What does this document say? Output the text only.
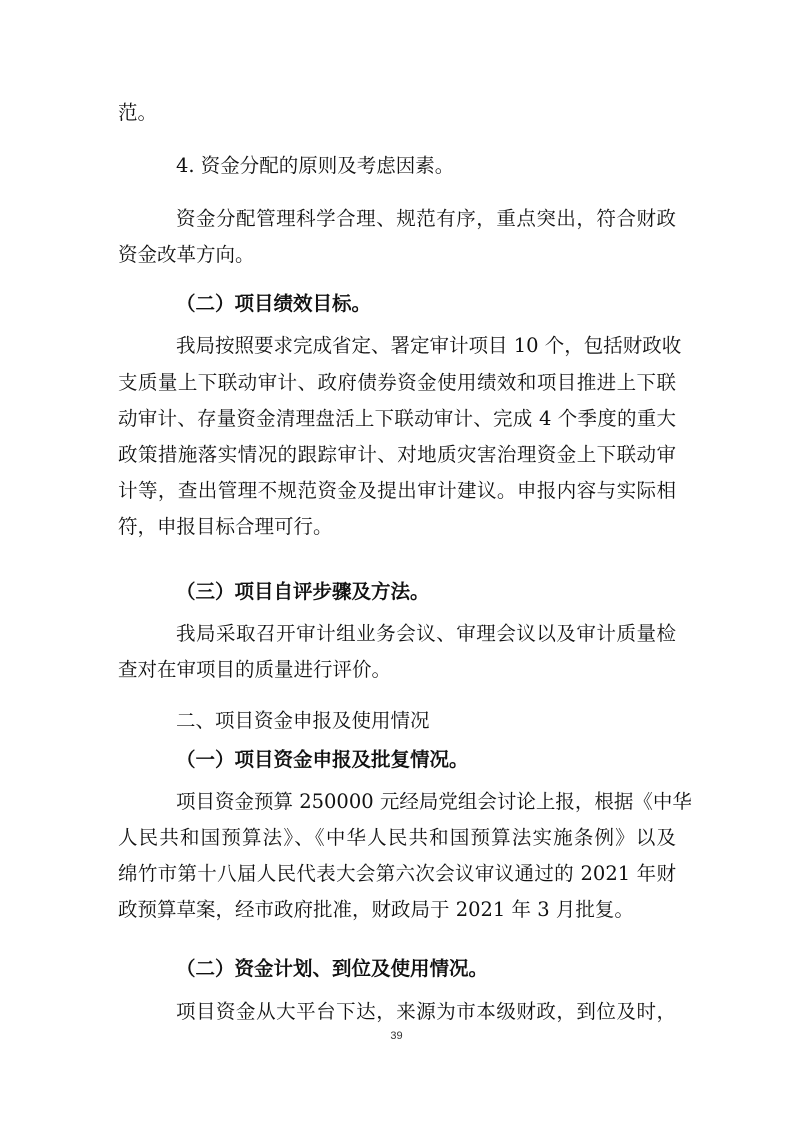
范。
4. 资金分配的原则及考虑因素。
资金分配管理科学合理、规范有序，重点突出，符合财政
资金改革方向。
（二）项目绩效目标。
我局按照要求完成省定、署定审计项目 10 个，包括财政收
支质量上下联动审计、政府债券资金使用绩效和项目推进上下联
动审计、存量资金清理盘活上下联动审计、完成 4 个季度的重大
政策措施落实情况的跟踪审计、对地质灾害治理资金上下联动审
计等，查出管理不规范资金及提出审计建议。申报内容与实际相
符，申报目标合理可行。
（三）项目自评步骤及方法。
我局采取召开审计组业务会议、审理会议以及审计质量检
查对在审项目的质量进行评价。
二、项目资金申报及使用情况
（一）项目资金申报及批复情况。
项目资金预算 250000 元经局党组会讨论上报，根据《中华
人民共和国预算法》、《中华人民共和国预算法实施条例》以及
绵竹市第十八届人民代表大会第六次会议审议通过的 2021 年财
政预算草案，经市政府批准，财政局于 2021 年 3 月批复。
（二）资金计划、到位及使用情况。
项目资金从大平台下达，来源为市本级财政，到位及时，
39
